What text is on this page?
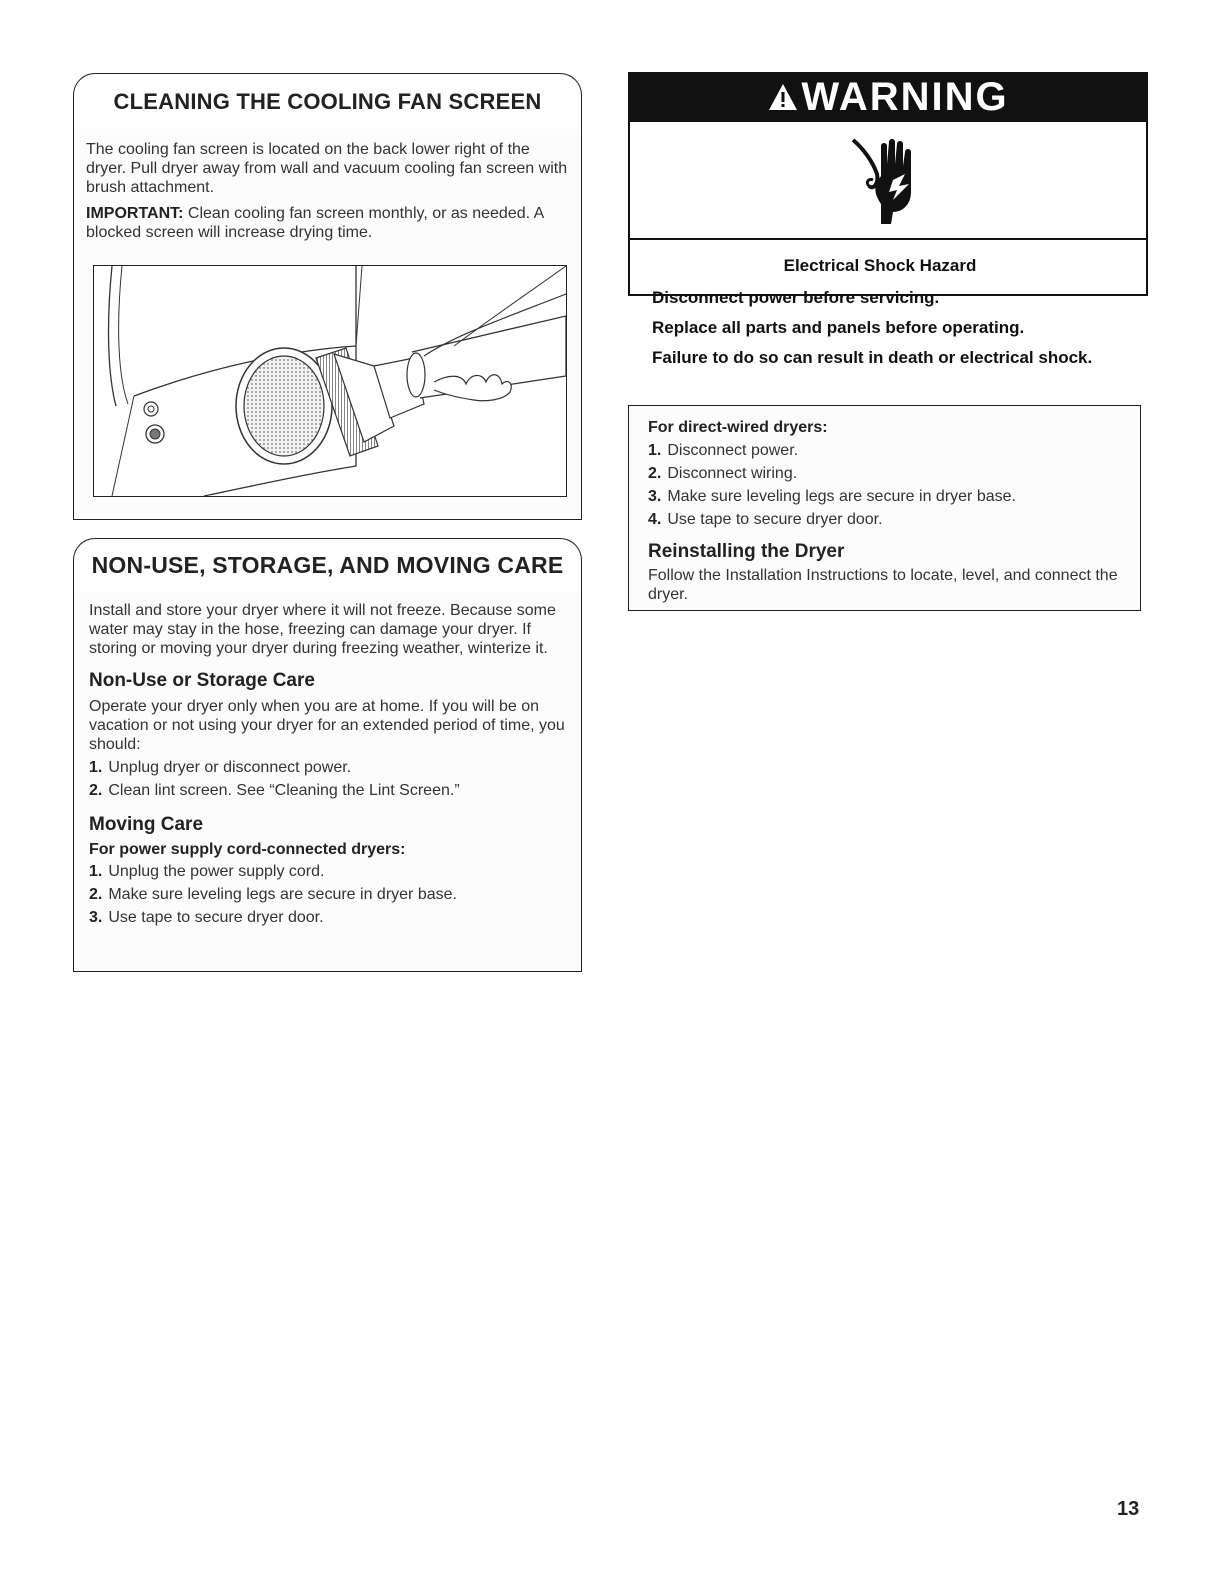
CLEANING THE COOLING FAN SCREEN

The cooling fan screen is located on the back lower right of the dryer. Pull dryer away from wall and vacuum cooling fan screen with brush attachment.

IMPORTANT: Clean cooling fan screen monthly, or as needed. A blocked screen will increase drying time.

NON-USE, STORAGE, AND MOVING CARE

Install and store your dryer where it will not freeze. Because some water may stay in the hose, freezing can damage your dryer. If storing or moving your dryer during freezing weather, winterize it.

Non-Use or Storage Care

Operate your dryer only when you are at home. If you will be on vacation or not using your dryer for an extended period of time, you should:

1. Unplug dryer or disconnect power.
2. Clean lint screen. See “Cleaning the Lint Screen.”
Moving Care

For power supply cord-connected dryers:

1. Unplug the power supply cord.
2. Make sure leveling legs are secure in dryer base.
3. Use tape to secure dryer door.
WARNING

Electrical Shock Hazard

Disconnect power before servicing.

Replace all parts and panels before operating.

Failure to do so can result in death or electrical shock.

For direct-wired dryers:

1. Disconnect power.
2. Disconnect wiring.
3. Make sure leveling legs are secure in dryer base.
4. Use tape to secure dryer door.
Reinstalling the Dryer

Follow the Installation Instructions to locate, level, and connect the dryer.

13
